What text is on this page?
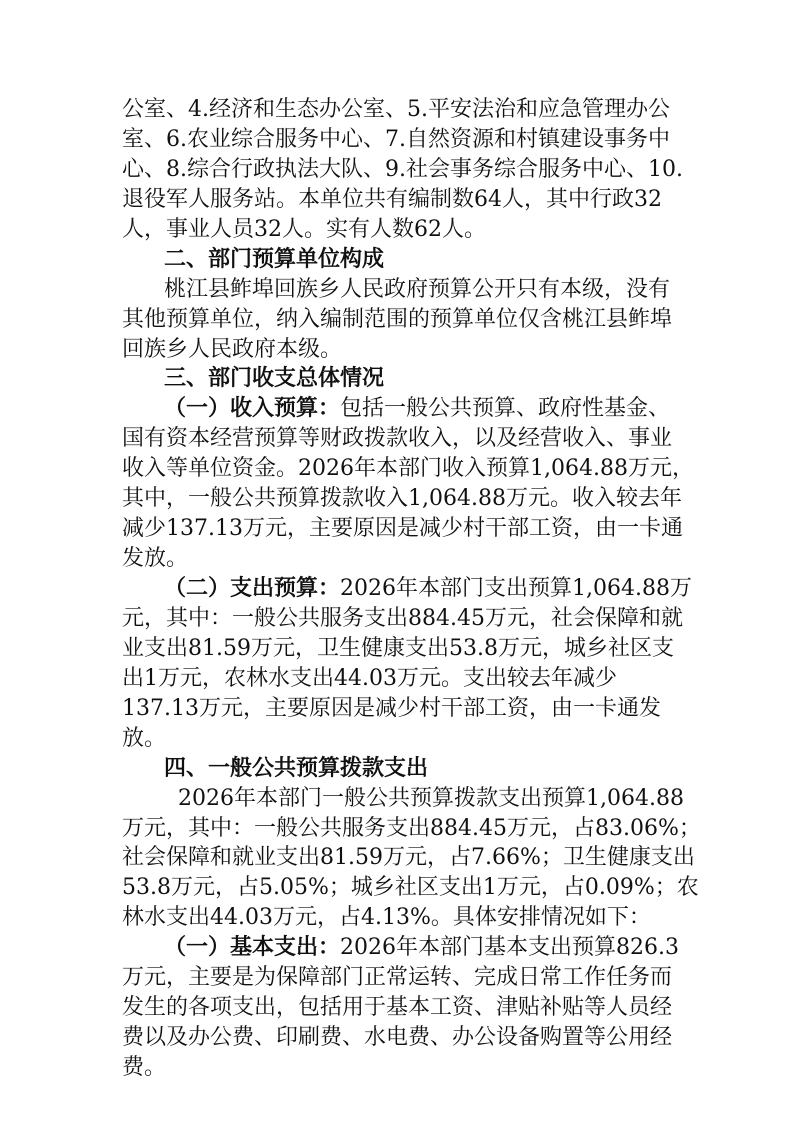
公室、4.经济和生态办公室、5.平安法治和应急管理办公
室、6.农业综合服务中心、7.自然资源和村镇建设事务中
心、8.综合行政执法大队、9.社会事务综合服务中心、10.
退役军人服务站。本单位共有编制数64人，其中行政32
人，事业人员32人。实有人数62人。
二、部门预算单位构成
桃江县鲊埠回族乡人民政府预算公开只有本级，没有
其他预算单位，纳入编制范围的预算单位仅含桃江县鲊埠
回族乡人民政府本级。
三、部门收支总体情况
（一）收入预算：包括一般公共预算、政府性基金、
国有资本经营预算等财政拨款收入，以及经营收入、事业
收入等单位资金。2026年本部门收入预算1,064.88万元，
其中，一般公共预算拨款收入1,064.88万元。收入较去年
减少137.13万元，主要原因是减少村干部工资，由一卡通
发放。
（二）支出预算：2026年本部门支出预算1,064.88万
元，其中：一般公共服务支出884.45万元，社会保障和就
业支出81.59万元，卫生健康支出53.8万元，城乡社区支
出1万元，农林水支出44.03万元。支出较去年减少
137.13万元，主要原因是减少村干部工资，由一卡通发
放。
四、一般公共预算拨款支出
2026年本部门一般公共预算拨款支出预算1,064.88
万元，其中：一般公共服务支出884.45万元，占83.06%；
社会保障和就业支出81.59万元，占7.66%；卫生健康支出
53.8万元，占5.05%；城乡社区支出1万元，占0.09%；农
林水支出44.03万元，占4.13%。具体安排情况如下：
（一）基本支出：2026年本部门基本支出预算826.3
万元，主要是为保障部门正常运转、完成日常工作任务而
发生的各项支出，包括用于基本工资、津贴补贴等人员经
费以及办公费、印刷费、水电费、办公设备购置等公用经
费。
